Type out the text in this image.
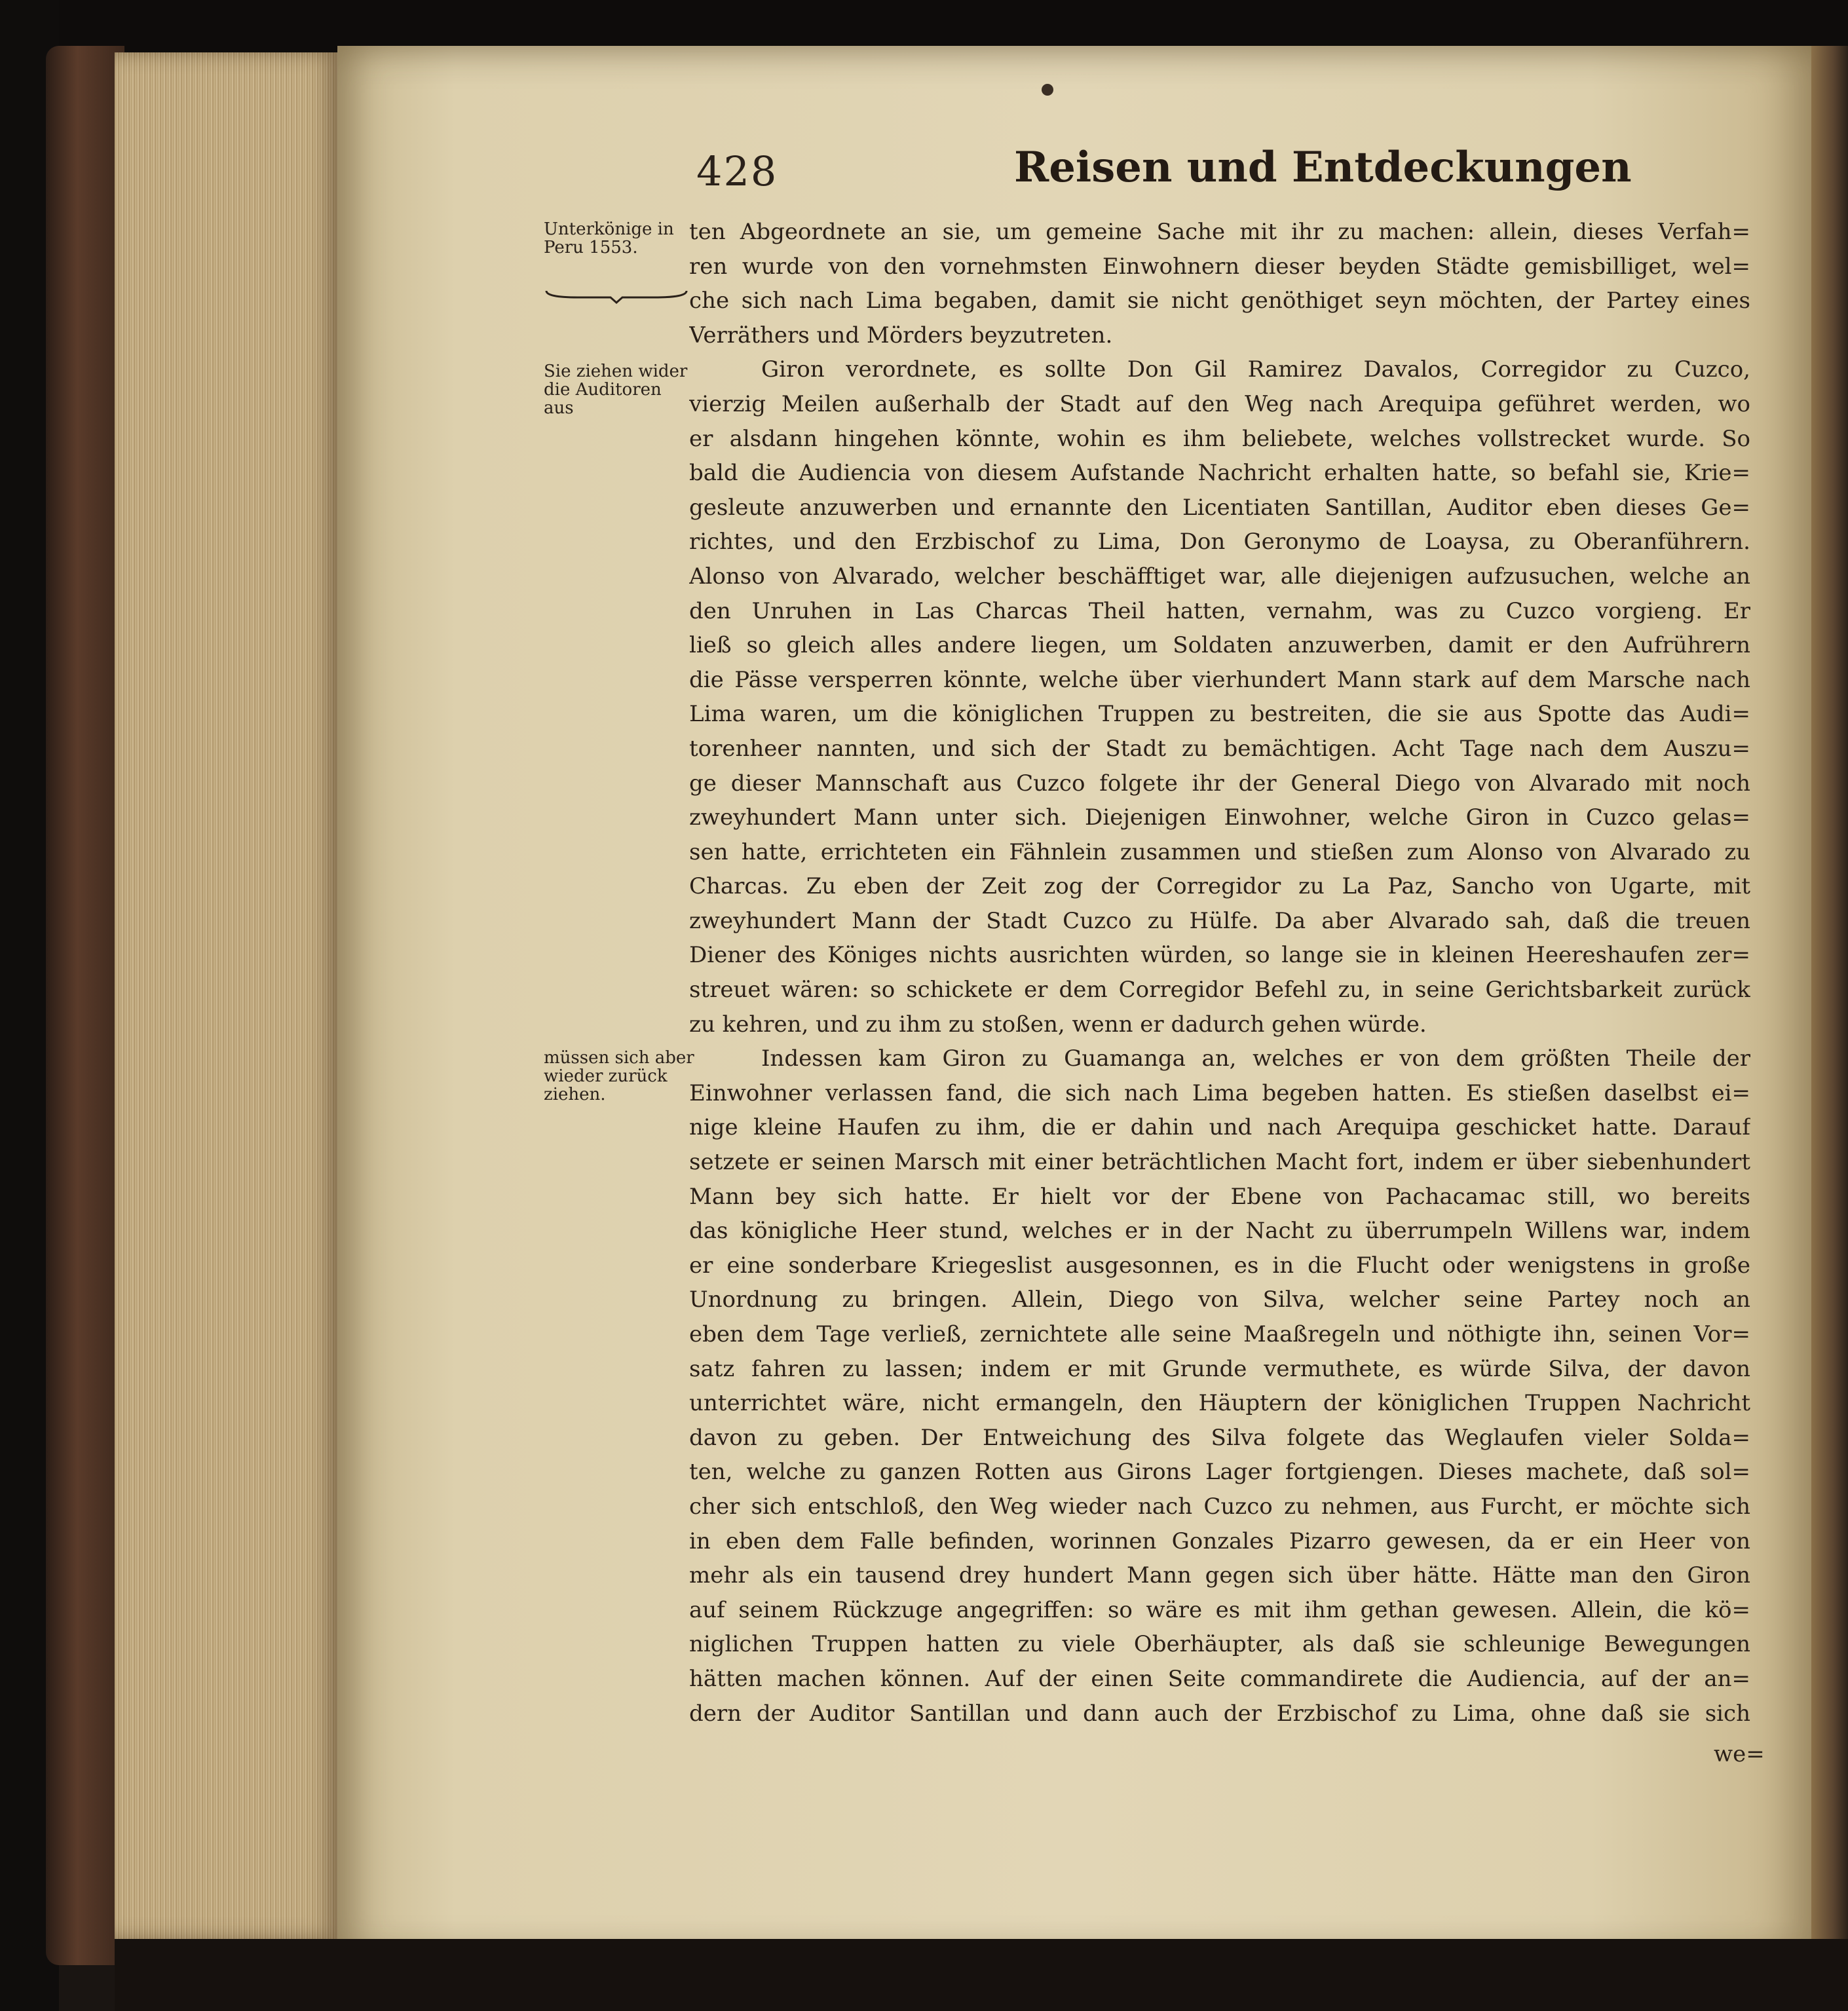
428	Reisen und Entdeckungen
Unterkönige in Peru 1553.
Sie ziehen wider die Auditoren aus
müssen sich aber wieder zurück ziehen.
ten Abgeordnete an sie, um gemeine Sache mit ihr zu machen: allein, dieses Verfah=
ren wurde von den vornehmsten Einwohnern dieser beyden Städte gemisbilliget, wel=
che sich nach Lima begaben, damit sie nicht genöthiget seyn möchten, der Partey eines
Verräthers und Mörders beyzutreten.
Giron verordnete, es sollte Don Gil Ramirez Davalos, Corregidor zu Cuzco,
vierzig Meilen außerhalb der Stadt auf den Weg nach Arequipa geführet werden, wo
er alsdann hingehen könnte, wohin es ihm beliebete, welches vollstrecket wurde. So
bald die Audiencia von diesem Aufstande Nachricht erhalten hatte, so befahl sie, Krie=
gesleute anzuwerben und ernannte den Licentiaten Santillan, Auditor eben dieses Ge=
richtes, und den Erzbischof zu Lima, Don Geronymo de Loaysa, zu Oberanführern.
Alonso von Alvarado, welcher beschäfftiget war, alle diejenigen aufzusuchen, welche an
den Unruhen in Las Charcas Theil hatten, vernahm, was zu Cuzco vorgieng. Er
ließ so gleich alles andere liegen, um Soldaten anzuwerben, damit er den Aufrührern
die Pässe versperren könnte, welche über vierhundert Mann stark auf dem Marsche nach
Lima waren, um die königlichen Truppen zu bestreiten, die sie aus Spotte das Audi=
torenheer nannten, und sich der Stadt zu bemächtigen. Acht Tage nach dem Auszu=
ge dieser Mannschaft aus Cuzco folgete ihr der General Diego von Alvarado mit noch
zweyhundert Mann unter sich. Diejenigen Einwohner, welche Giron in Cuzco gelas=
sen hatte, errichteten ein Fähnlein zusammen und stießen zum Alonso von Alvarado zu
Charcas. Zu eben der Zeit zog der Corregidor zu La Paz, Sancho von Ugarte, mit
zweyhundert Mann der Stadt Cuzco zu Hülfe. Da aber Alvarado sah, daß die treuen
Diener des Königes nichts ausrichten würden, so lange sie in kleinen Heereshaufen zer=
streuet wären: so schickete er dem Corregidor Befehl zu, in seine Gerichtsbarkeit zurück
zu kehren, und zu ihm zu stoßen, wenn er dadurch gehen würde.
Indessen kam Giron zu Guamanga an, welches er von dem größten Theile der
Einwohner verlassen fand, die sich nach Lima begeben hatten. Es stießen daselbst ei=
nige kleine Haufen zu ihm, die er dahin und nach Arequipa geschicket hatte. Darauf
setzete er seinen Marsch mit einer beträchtlichen Macht fort, indem er über siebenhundert
Mann bey sich hatte. Er hielt vor der Ebene von Pachacamac still, wo bereits
das königliche Heer stund, welches er in der Nacht zu überrumpeln Willens war, indem
er eine sonderbare Kriegeslist ausgesonnen, es in die Flucht oder wenigstens in große
Unordnung zu bringen. Allein, Diego von Silva, welcher seine Partey noch an
eben dem Tage verließ, zernichtete alle seine Maaßregeln und nöthigte ihn, seinen Vor=
satz fahren zu lassen; indem er mit Grunde vermuthete, es würde Silva, der davon
unterrichtet wäre, nicht ermangeln, den Häuptern der königlichen Truppen Nachricht
davon zu geben. Der Entweichung des Silva folgete das Weglaufen vieler Solda=
ten, welche zu ganzen Rotten aus Girons Lager fortgiengen. Dieses machete, daß sol=
cher sich entschloß, den Weg wieder nach Cuzco zu nehmen, aus Furcht, er möchte sich
in eben dem Falle befinden, worinnen Gonzales Pizarro gewesen, da er ein Heer von
mehr als ein tausend drey hundert Mann gegen sich über hätte. Hätte man den Giron
auf seinem Rückzuge angegriffen: so wäre es mit ihm gethan gewesen. Allein, die kö=
niglichen Truppen hatten zu viele Oberhäupter, als daß sie schleunige Bewegungen
hätten machen können. Auf der einen Seite commandirete die Audiencia, auf der an=
dern der Auditor Santillan und dann auch der Erzbischof zu Lima, ohne daß sie sich
we=
